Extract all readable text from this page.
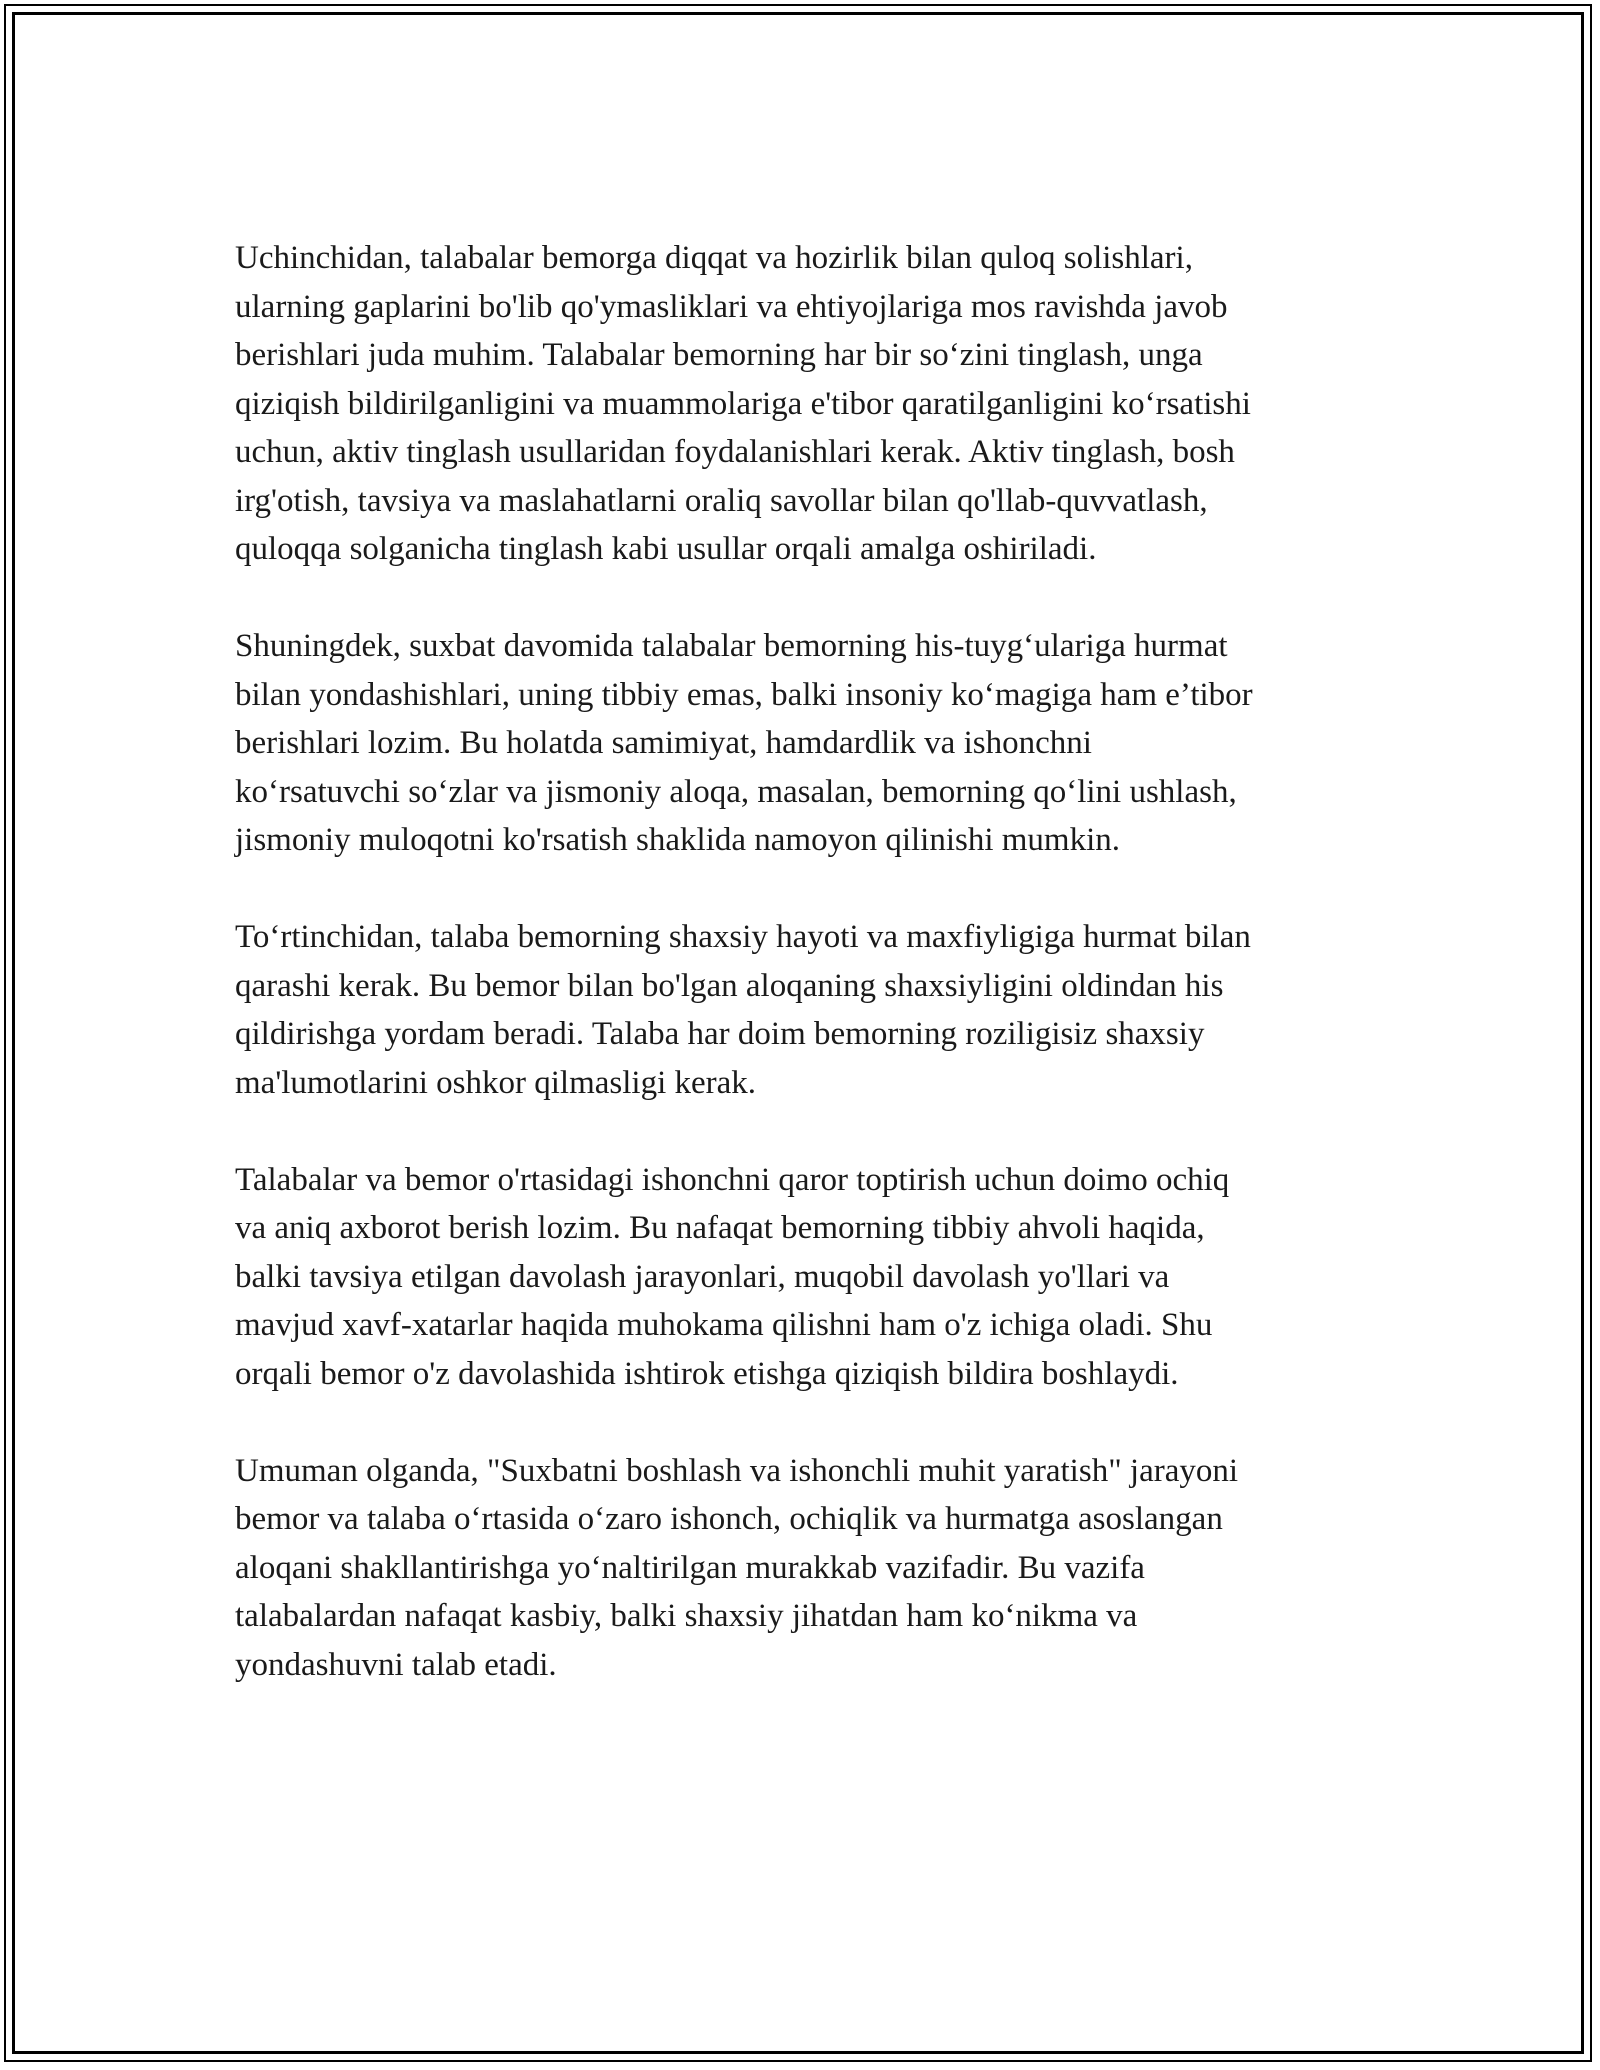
Uchinchidan, talabalar bemorga diqqat va hozirlik bilan quloq solishlari,
ularning gaplarini bo'lib qo'ymasliklari va ehtiyojlariga mos ravishda javob
berishlari juda muhim. Talabalar bemorning har bir so‘zini tinglash, unga
qiziqish bildirilganligini va muammolariga e'tibor qaratilganligini ko‘rsatishi
uchun, aktiv tinglash usullaridan foydalanishlari kerak. Aktiv tinglash, bosh
irg'otish, tavsiya va maslahatlarni oraliq savollar bilan qo'llab-quvvatlash,
quloqqa solganicha tinglash kabi usullar orqali amalga oshiriladi.

Shuningdek, suxbat davomida talabalar bemorning his-tuyg‘ulariga hurmat
bilan yondashishlari, uning tibbiy emas, balki insoniy ko‘magiga ham e’tibor
berishlari lozim. Bu holatda samimiyat, hamdardlik va ishonchni
ko‘rsatuvchi so‘zlar va jismoniy aloqa, masalan, bemorning qo‘lini ushlash,
jismoniy muloqotni ko'rsatish shaklida namoyon qilinishi mumkin.

To‘rtinchidan, talaba bemorning shaxsiy hayoti va maxfiyligiga hurmat bilan
qarashi kerak. Bu bemor bilan bo'lgan aloqaning shaxsiyligini oldindan his
qildirishga yordam beradi. Talaba har doim bemorning roziligisiz shaxsiy
ma'lumotlarini oshkor qilmasligi kerak.

Talabalar va bemor o'rtasidagi ishonchni qaror toptirish uchun doimo ochiq
va aniq axborot berish lozim. Bu nafaqat bemorning tibbiy ahvoli haqida,
balki tavsiya etilgan davolash jarayonlari, muqobil davolash yo'llari va
mavjud xavf-xatarlar haqida muhokama qilishni ham o'z ichiga oladi. Shu
orqali bemor o'z davolashida ishtirok etishga qiziqish bildira boshlaydi.

Umuman olganda, "Suxbatni boshlash va ishonchli muhit yaratish" jarayoni
bemor va talaba o‘rtasida o‘zaro ishonch, ochiqlik va hurmatga asoslangan
aloqani shakllantirishga yo‘naltirilgan murakkab vazifadir. Bu vazifa
talabalardan nafaqat kasbiy, balki shaxsiy jihatdan ham ko‘nikma va
yondashuvni talab etadi.
